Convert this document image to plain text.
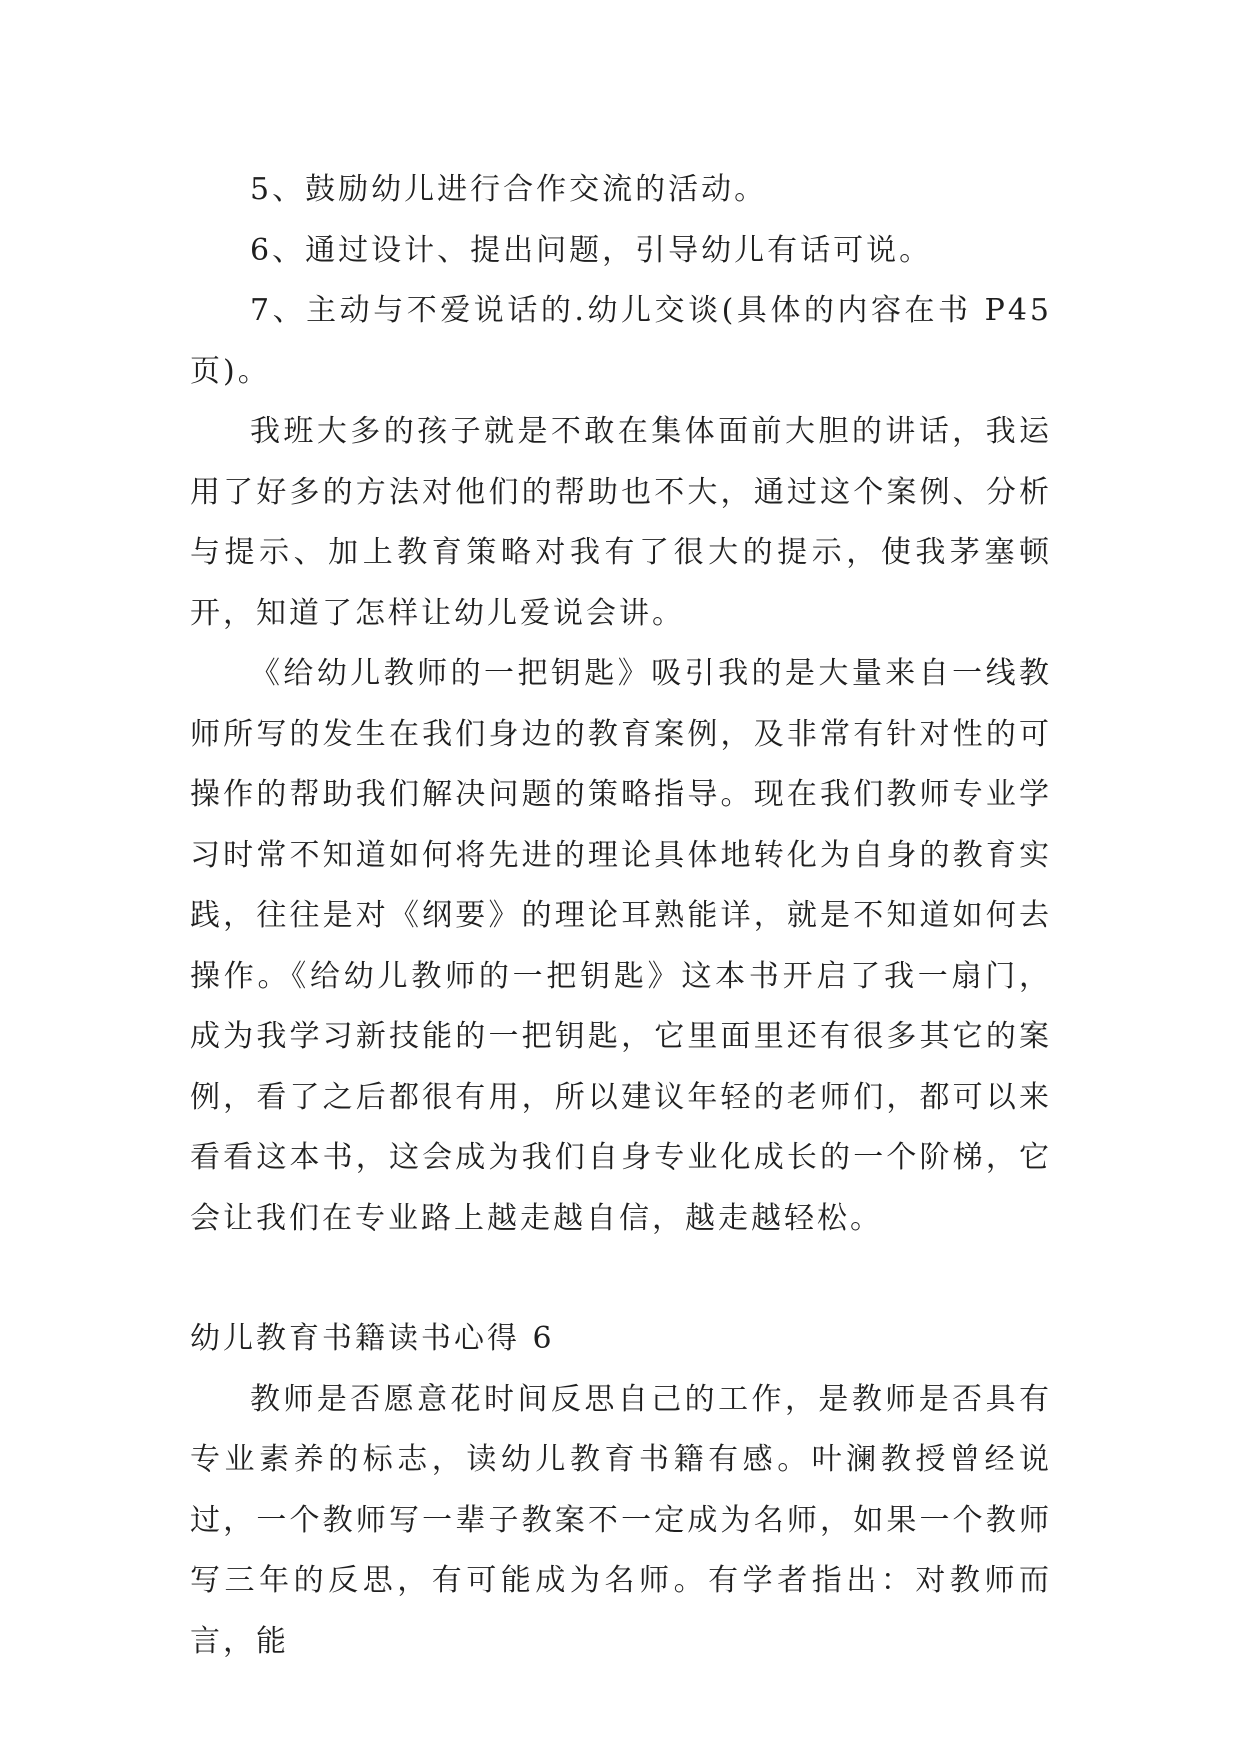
5、鼓励幼儿进行合作交流的活动。

6、通过设计、提出问题，引导幼儿有话可说。

7、主动与不爱说话的.幼儿交谈(具体的内容在书 P45 页)。

我班大多的孩子就是不敢在集体面前大胆的讲话，我运用了好多的方法对他们的帮助也不大，通过这个案例、分析与提示、加上教育策略对我有了很大的提示，使我茅塞顿开，知道了怎样让幼儿爱说会讲。

《给幼儿教师的一把钥匙》吸引我的是大量来自一线教师所写的发生在我们身边的教育案例，及非常有针对性的可操作的帮助我们解决问题的策略指导。现在我们教师专业学习时常不知道如何将先进的理论具体地转化为自身的教育实践，往往是对《纲要》的理论耳熟能详，就是不知道如何去操作。《给幼儿教师的一把钥匙》这本书开启了我一扇门，成为我学习新技能的一把钥匙，它里面里还有很多其它的案例，看了之后都很有用，所以建议年轻的老师们，都可以来看看这本书，这会成为我们自身专业化成长的一个阶梯，它会让我们在专业路上越走越自信，越走越轻松。

幼儿教育书籍读书心得 6

教师是否愿意花时间反思自己的工作，是教师是否具有专业素养的标志，读幼儿教育书籍有感。叶澜教授曾经说过，一个教师写一辈子教案不一定成为名师，如果一个教师写三年的反思，有可能成为名师。有学者指出：对教师而言，能
